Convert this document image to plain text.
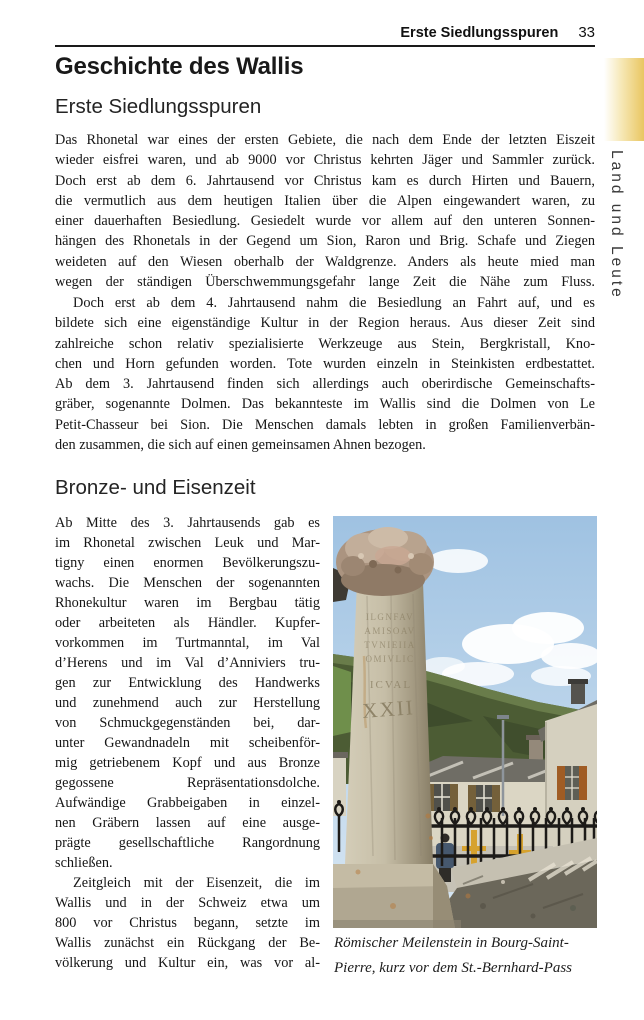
Erste Siedlungsspuren 33
Geschichte des Wallis
Erste Siedlungsspuren
Das Rhonetal war eines der ersten Gebiete, die nach dem Ende der letzten Eiszeit
wieder eisfrei waren, und ab 9000 vor Christus kehrten Jäger und Sammler zurück.
Doch erst ab dem 6. Jahrtausend vor Christus kam es durch Hirten und Bauern,
die vermutlich aus dem heutigen Italien über die Alpen eingewandert waren, zu
einer dauerhaften Besiedlung. Gesiedelt wurde vor allem auf den unteren Sonnen-
hängen des Rhonetals in der Gegend um Sion, Raron und Brig. Schafe und Ziegen
weideten auf den Wiesen oberhalb der Waldgrenze. Anders als heute mied man
wegen der ständigen Überschwemmungsgefahr lange Zeit die Nähe zum Fluss.
Doch erst ab dem 4. Jahrtausend nahm die Besiedlung an Fahrt auf, und es
bildete sich eine eigenständige Kultur in der Region heraus. Aus dieser Zeit sind
zahlreiche schon relativ spezialisierte Werkzeuge aus Stein, Bergkristall, Kno-
chen und Horn gefunden worden. Tote wurden einzeln in Steinkisten erdbestattet.
Ab dem 3. Jahrtausend finden sich allerdings auch oberirdische Gemeinschafts-
gräber, sogenannte Dolmen. Das bekannteste im Wallis sind die Dolmen von Le
Petit-Chasseur bei Sion. Die Menschen damals lebten in großen Familienverbän-
den zusammen, die sich auf einen gemeinsamen Ahnen bezogen.
Bronze- und Eisenzeit
Ab Mitte des 3. Jahrtausends gab es
im Rhonetal zwischen Leuk und Mar-
tigny einen enormen Bevölkerungszu-
wachs. Die Menschen der sogenannten
Rhonekultur waren im Bergbau tätig
oder arbeiteten als Händler. Kupfer-
vorkommen im Turtmanntal, im Val
d’Herens und im Val d’Anniviers tru-
gen zur Entwicklung des Handwerks
und zunehmend auch zur Herstellung
von Schmuckgegenständen bei, dar-
unter Gewandnadeln mit scheibenför-
mig getriebenem Kopf und aus Bronze
gegossene Repräsentationsdolche.
Aufwändige Grabbeigaben in einzel-
nen Gräbern lassen auf eine ausge-
prägte gesellschaftliche Rangordnung
schließen.
Zeitgleich mit der Eisenzeit, die im
Wallis und in der Schweiz etwa um
800 vor Christus begann, setzte im
Wallis zunächst ein Rückgang der Be-
völkerung und Kultur ein, was vor al-
ILGNFAV
AMISOAV
TVNIEIIA
OMIVLIC
ICVAL
XXII
Römischer Meilenstein in Bourg-Saint-
Pierre, kurz vor dem St.-Bernhard-Pass
Land und Leute
